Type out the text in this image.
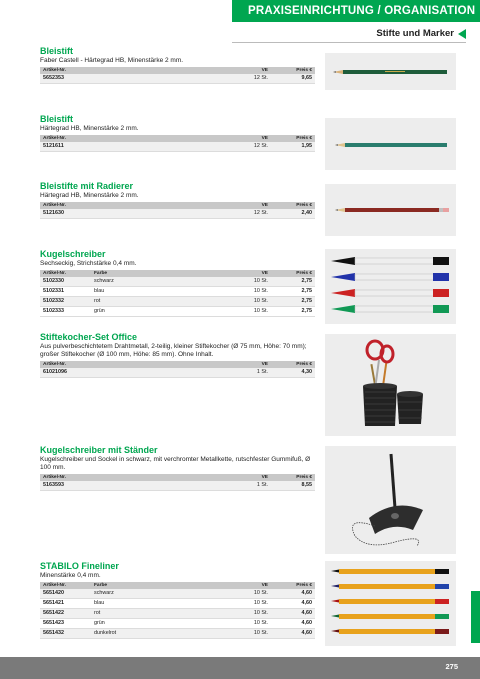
PRAXISEINRICHTUNG / ORGANISATION
Stifte und Marker

Bleistift

Faber Castell - Härtegrad HB, Minenstärke 2 mm.

Artikel-Nr.		VE	Preis €
5652353		12 St.	9,65

Bleistift

Härtegrad HB, Minenstärke 2 mm.

Artikel-Nr.		VE	Preis €
5121611		12 St.	1,95

Bleistifte mit Radierer

Härtegrad HB, Minenstärke 2 mm.

Artikel-Nr.		VE	Preis €
5121630		12 St.	2,40

Kugelschreiber

Sechseckig, Strichstärke 0,4 mm.

Artikel-Nr.	Farbe	VE	Preis €
5102330	schwarz	10 St.	2,75
5102331	blau	10 St.	2,75
5102332	rot	10 St.	2,75
5102333	grün	10 St.	2,75

Stiftekocher-Set Office

Aus pulverbeschichtetem Drahtmetall, 2-teilig, kleiner Stiftekocher (Ø 75 mm, Höhe: 70 mm); großer Stiftekocher (Ø 100 mm, Höhe: 85 mm). Ohne Inhalt.

Artikel-Nr.		VE	Preis €
61021096		1 St.	4,30

Kugelschreiber mit Ständer

Kugelschreiber und Sockel in schwarz, mit verchromter Metallkette, rutschfester Gummifuß, Ø 100 mm.

Artikel-Nr.		VE	Preis €
5163593		1 St.	8,55

STABILO Fineliner

Minenstärke 0,4 mm.

Artikel-Nr.	Farbe	VE	Preis €
5651420	schwarz	10 St.	4,60
5651421	blau	10 St.	4,60
5651422	rot	10 St.	4,60
5651423	grün	10 St.	4,60
5651432	dunkelrot	10 St.	4,60
275
